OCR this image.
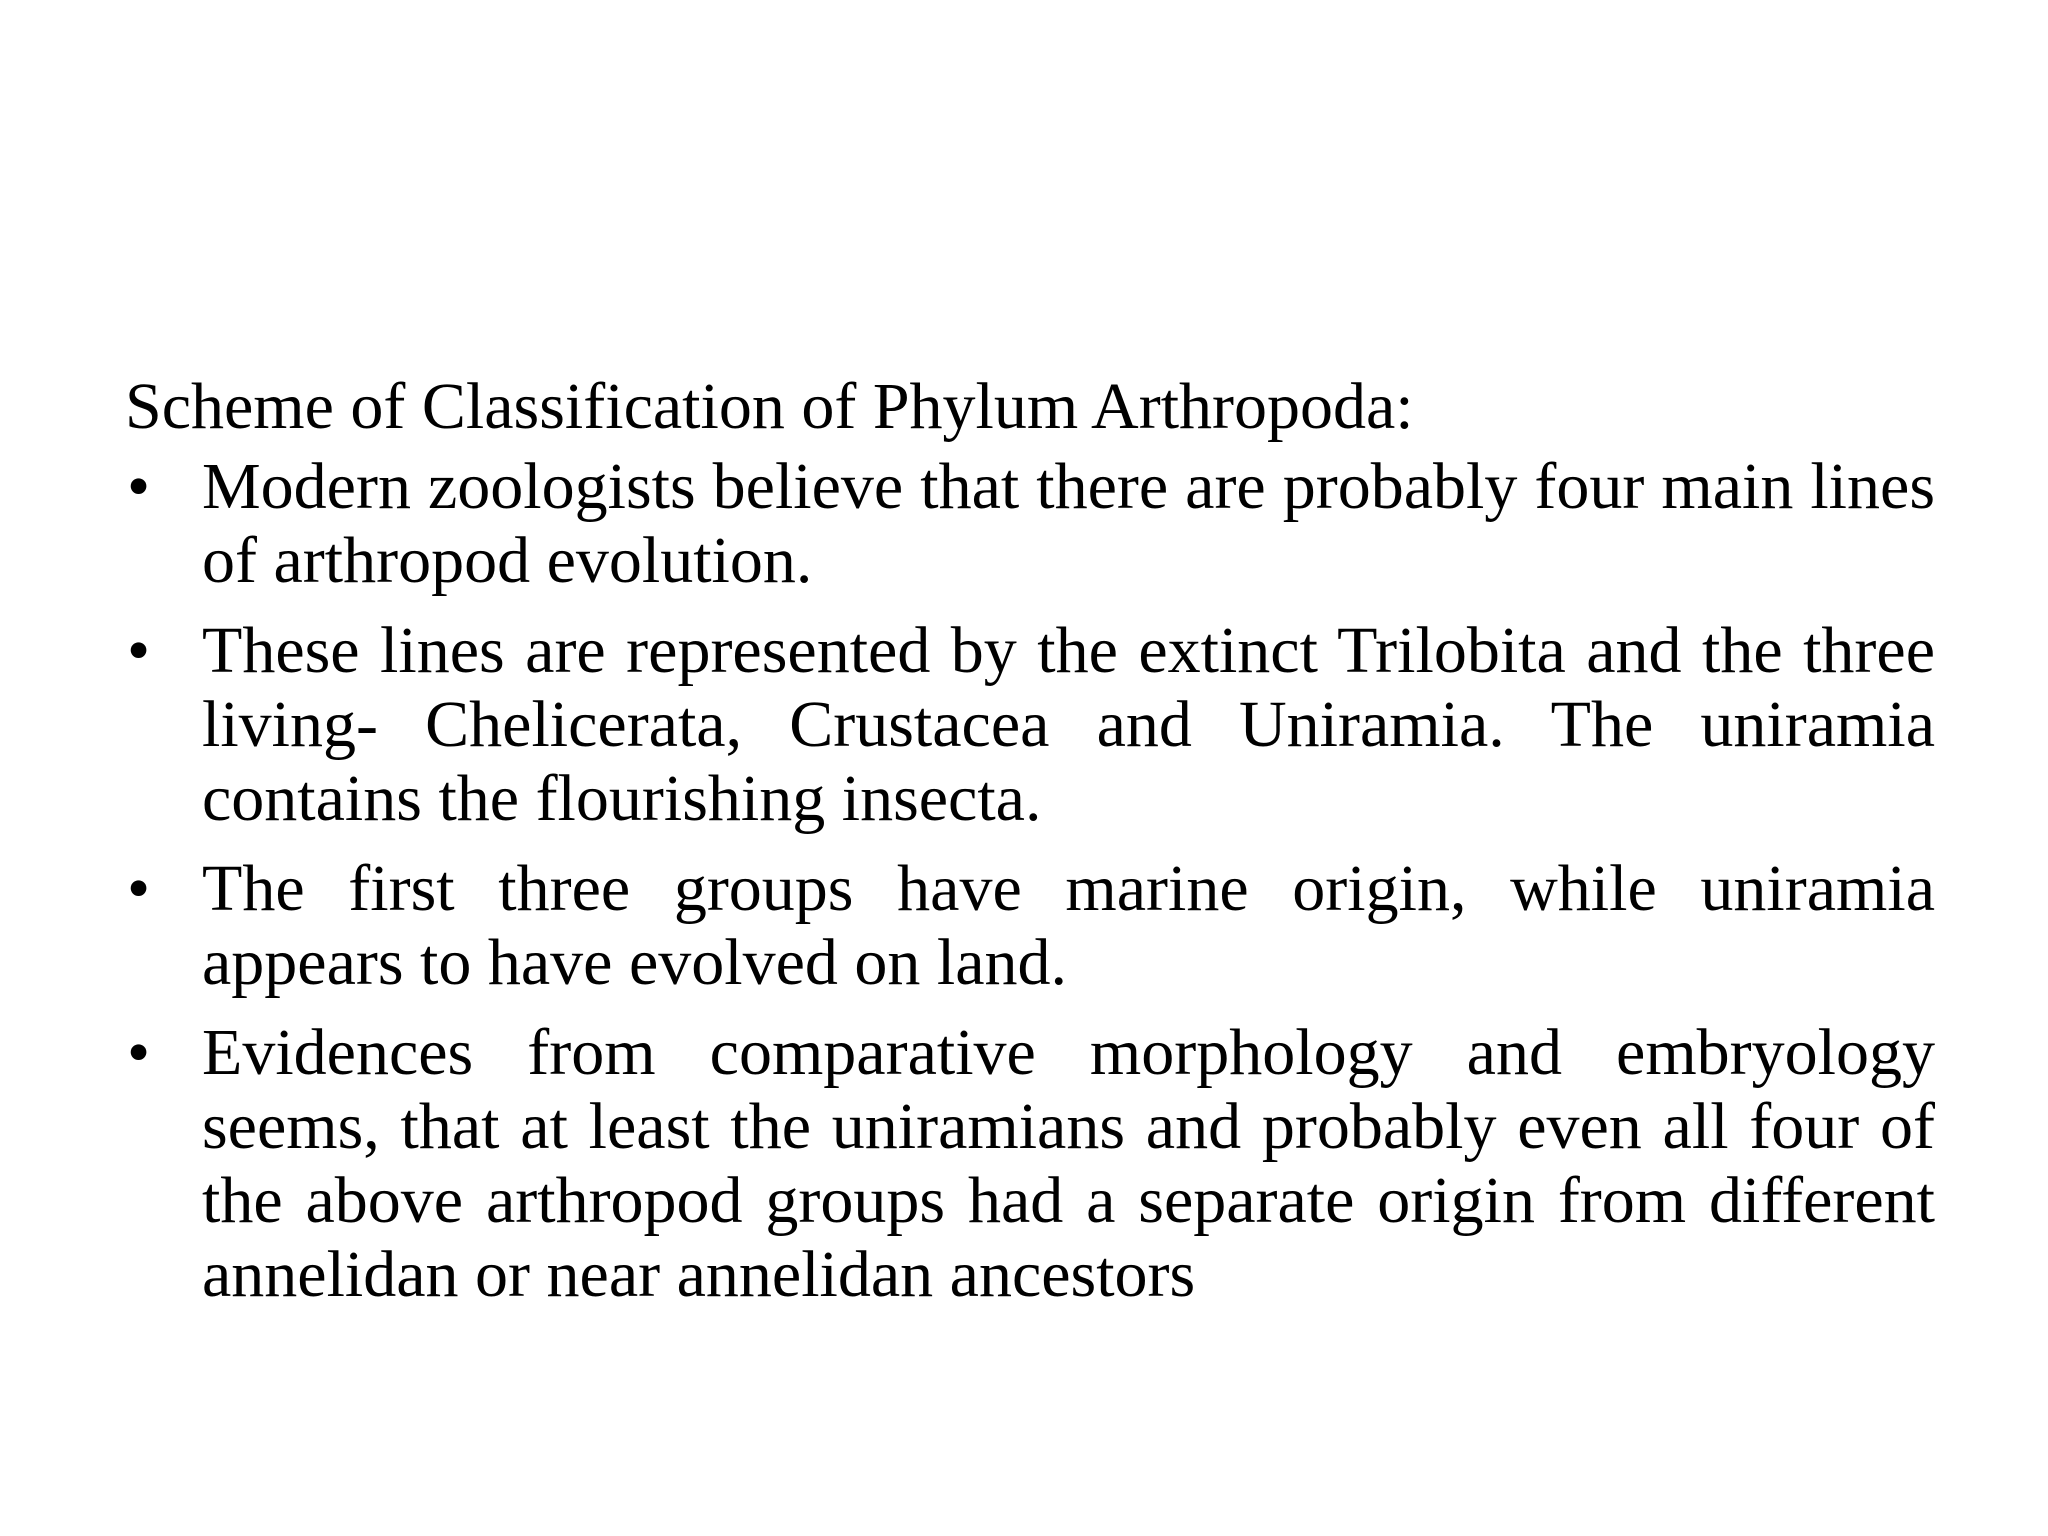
Scheme of Classification of Phylum Arthropoda:
• Modern zoologists believe that there are probably four main lines of arthropod evolution.
• These lines are represented by the extinct Trilobita and the three living- Chelicerata, Crustacea and Uniramia. The uniramia contains the flourishing insecta.
• The first three groups have marine origin, while uniramia appears to have evolved on land.
• Evidences from comparative morphology and embryology seems, that at least the uniramians and probably even all four of the above arthropod groups had a separate origin from different annelidan or near annelidan ancestors
